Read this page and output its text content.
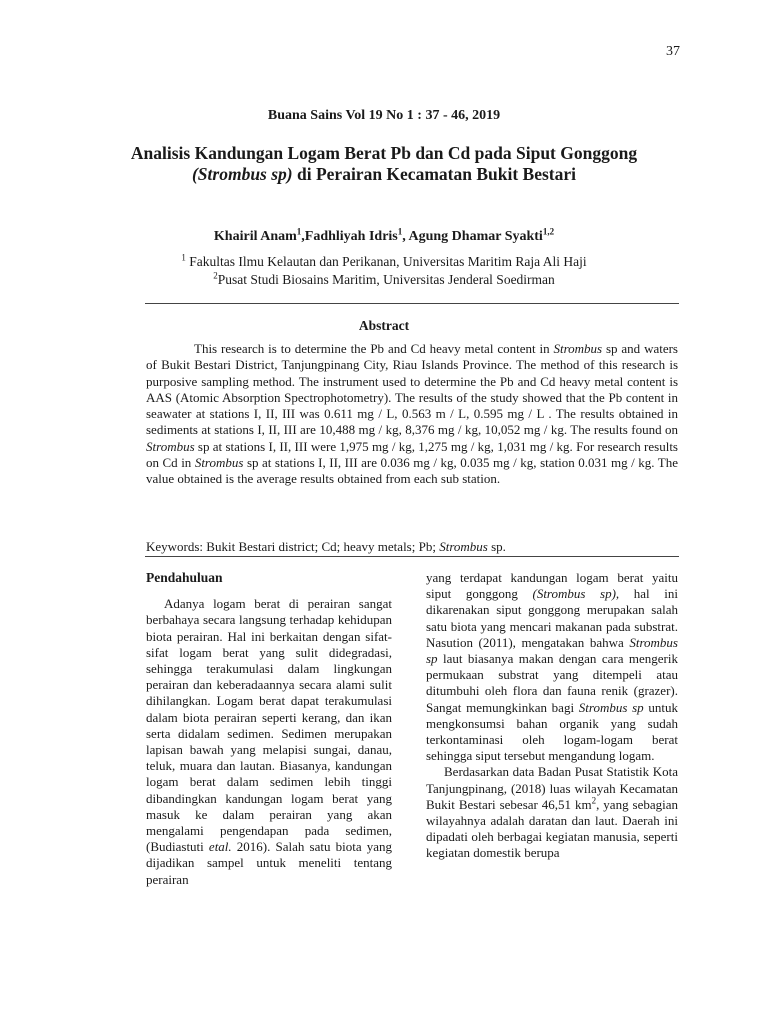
37
Buana Sains Vol 19 No 1 : 37 - 46, 2019
Analisis Kandungan Logam Berat Pb dan Cd pada Siput Gonggong
(Strombus sp) di Perairan Kecamatan Bukit Bestari
Khairil Anam$^1$,Fadhliyah Idris$^1$, Agung Dhamar Syakti$^{1,2}$
$^1$ Fakultas Ilmu Kelautan dan Perikanan, Universitas Maritim Raja Ali Haji
$^2$Pusat Studi Biosains Maritim, Universitas Jenderal Soedirman
Abstract
This research is to determine the Pb and Cd heavy metal content in Strombus sp and waters of Bukit Bestari District, Tanjungpinang City, Riau Islands Province. The method of this research is purposive sampling method. The instrument used to determine the Pb and Cd heavy metal content is AAS (Atomic Absorption Spectrophotometry). The results of the study showed that the Pb content in seawater at stations I, II, III was 0.611 mg / L, 0.563 m / L, 0.595 mg / L . The results obtained in sediments at stations I, II, III are 10,488 mg / kg, 8,376 mg / kg, 10,052 mg / kg. The results found on Strombus sp at stations I, II, III were 1,975 mg / kg, 1,275 mg / kg, 1,031 mg / kg. For research results on Cd in Strombus sp at stations I, II, III are 0.036 mg / kg, 0.035 mg / kg, station 0.031 mg / kg. The value obtained is the average results obtained from each sub station.
Keywords: Bukit Bestari district; Cd; heavy metals; Pb; Strombus sp.
Pendahuluan

Adanya logam berat di perairan sangat berbahaya secara langsung terhadap kehidupan biota perairan. Hal ini berkaitan dengan sifat-sifat logam berat yang sulit didegradasi, sehingga terakumulasi dalam lingkungan perairan dan keberadaannya secara alami sulit dihilangkan. Logam berat dapat terakumulasi dalam biota perairan seperti kerang, dan ikan serta didalam sedimen. Sedimen merupakan lapisan bawah yang melapisi sungai, danau, teluk, muara dan lautan. Biasanya, kandungan logam berat dalam sedimen lebih tinggi dibandingkan kandungan logam berat yang masuk ke dalam perairan yang akan mengalami pengendapan pada sedimen, (Budiastuti etal. 2016). Salah satu biota yang dijadikan sampel untuk meneliti tentang perairan

yang terdapat kandungan logam berat yaitu siput gonggong (Strombus sp), hal ini dikarenakan siput gonggong merupakan salah satu biota yang mencari makanan pada substrat. Nasution (2011), mengatakan bahwa Strombus sp laut biasanya makan dengan cara mengerik permukaan substrat yang ditempeli atau ditumbuhi oleh flora dan fauna renik (grazer). Sangat memungkinkan bagi Strombus sp untuk mengkonsumsi bahan organik yang sudah terkontaminasi oleh logam-logam berat sehingga siput tersebut mengandung logam.

Berdasarkan data Badan Pusat Statistik Kota Tanjungpinang, (2018) luas wilayah Kecamatan Bukit Bestari sebesar 46,51 $km^2$, yang sebagian wilayahnya adalah daratan dan laut. Daerah ini dipadati oleh berbagai kegiatan manusia, seperti kegiatan domestik berupa
